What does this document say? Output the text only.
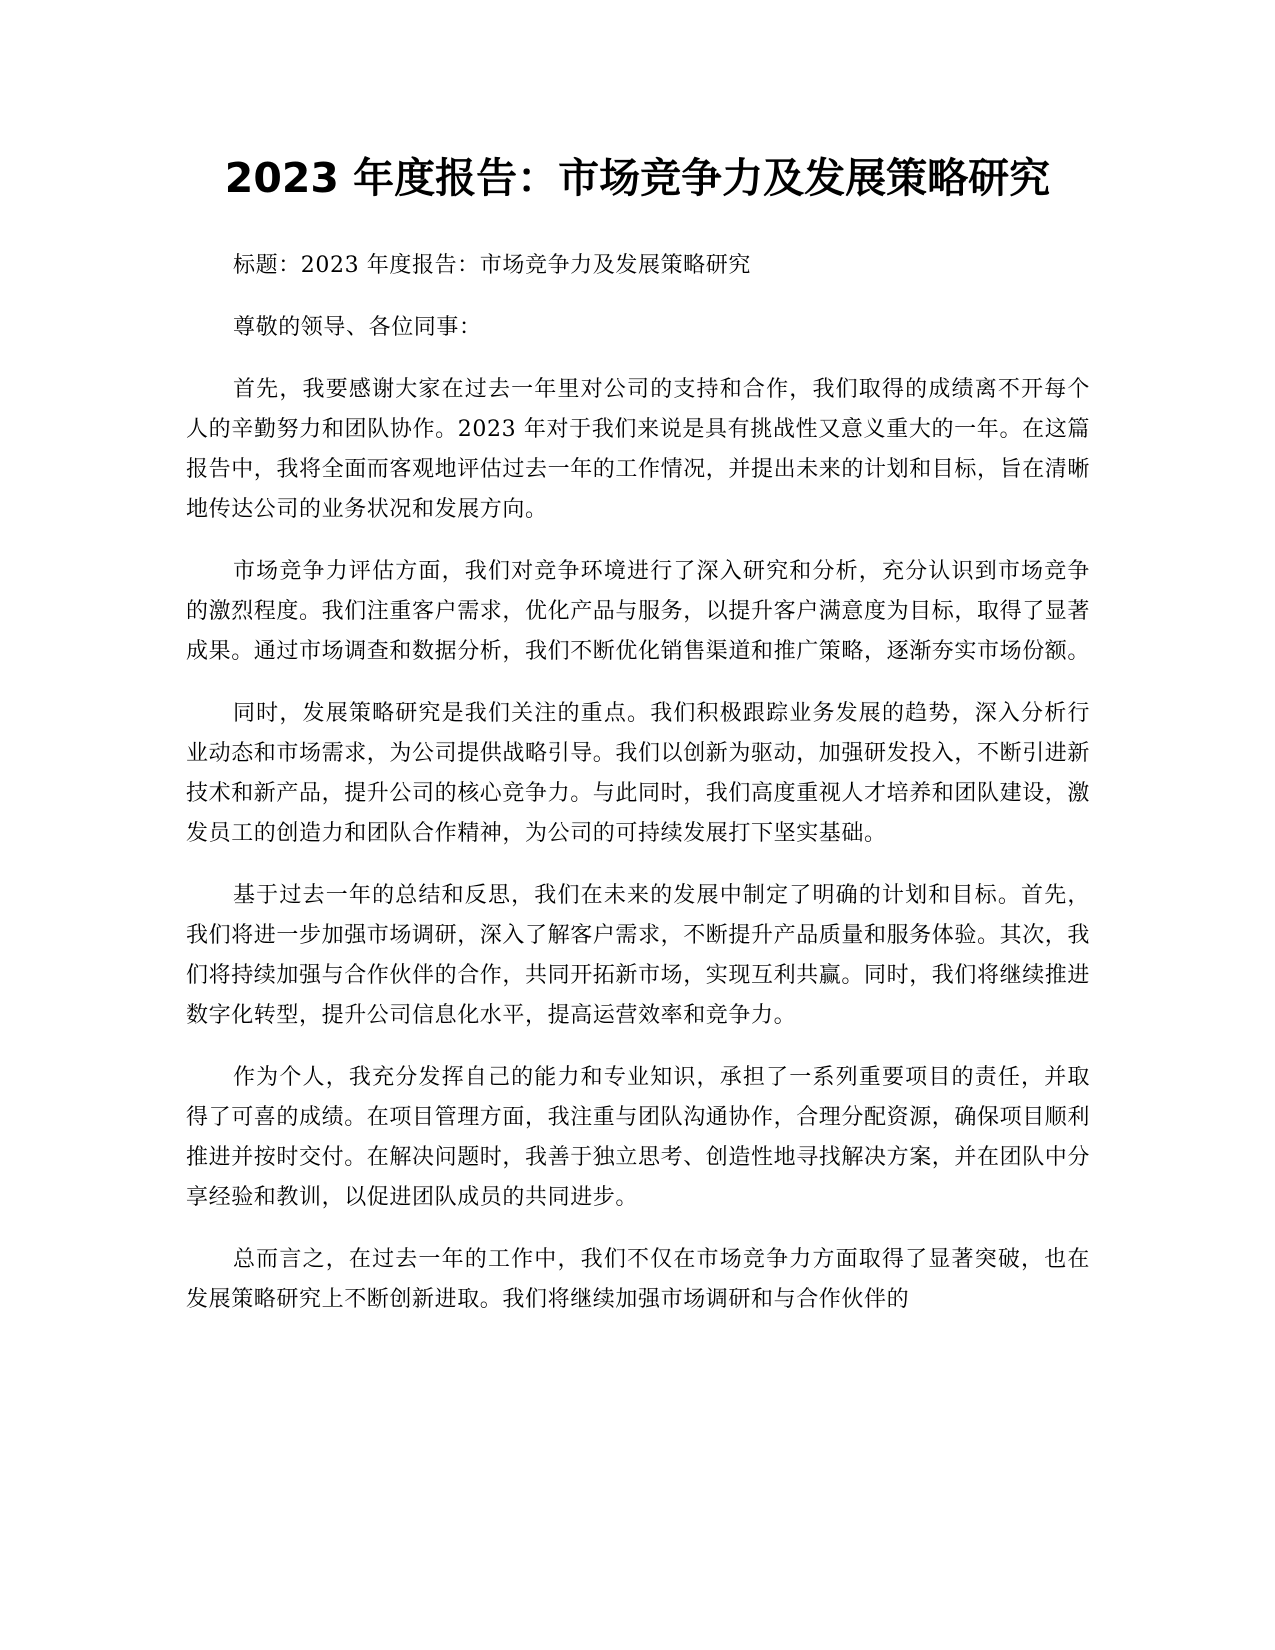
2023 年度报告：市场竞争力及发展策略研究

标题：2023 年度报告：市场竞争力及发展策略研究

尊敬的领导、各位同事：

首先，我要感谢大家在过去一年里对公司的支持和合作，我们取得的成绩离不开每个人的辛勤努力和团队协作。2023 年对于我们来说是具有挑战性又意义重大的一年。在这篇报告中，我将全面而客观地评估过去一年的工作情况，并提出未来的计划和目标，旨在清晰地传达公司的业务状况和发展方向。

市场竞争力评估方面，我们对竞争环境进行了深入研究和分析，充分认识到市场竞争的激烈程度。我们注重客户需求，优化产品与服务，以提升客户满意度为目标，取得了显著成果。通过市场调查和数据分析，我们不断优化销售渠道和推广策略，逐渐夯实市场份额。

同时，发展策略研究是我们关注的重点。我们积极跟踪业务发展的趋势，深入分析行业动态和市场需求，为公司提供战略引导。我们以创新为驱动，加强研发投入，不断引进新技术和新产品，提升公司的核心竞争力。与此同时，我们高度重视人才培养和团队建设，激发员工的创造力和团队合作精神，为公司的可持续发展打下坚实基础。

基于过去一年的总结和反思，我们在未来的发展中制定了明确的计划和目标。首先，我们将进一步加强市场调研，深入了解客户需求，不断提升产品质量和服务体验。其次，我们将持续加强与合作伙伴的合作，共同开拓新市场，实现互利共赢。同时，我们将继续推进数字化转型，提升公司信息化水平，提高运营效率和竞争力。

作为个人，我充分发挥自己的能力和专业知识，承担了一系列重要项目的责任，并取得了可喜的成绩。在项目管理方面，我注重与团队沟通协作，合理分配资源，确保项目顺利推进并按时交付。在解决问题时，我善于独立思考、创造性地寻找解决方案，并在团队中分享经验和教训，以促进团队成员的共同进步。

总而言之，在过去一年的工作中，我们不仅在市场竞争力方面取得了显著突破，也在发展策略研究上不断创新进取。我们将继续加强市场调研和与合作伙伴的
